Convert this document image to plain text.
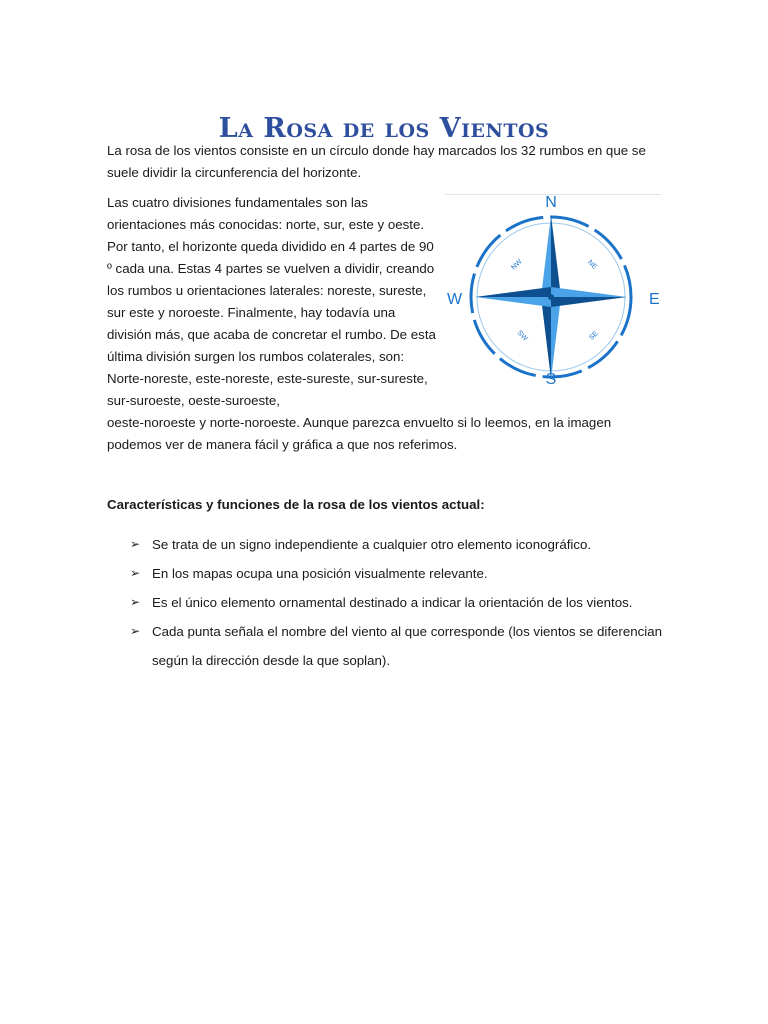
La Rosa de los Vientos

La rosa de los vientos consiste en un círculo donde hay marcados los 32 rumbos en que se suele dividir la circunferencia del horizonte.

Las cuatro divisiones fundamentales son las orientaciones más conocidas: norte, sur, este y oeste. Por tanto, el horizonte queda dividido en 4 partes de 90 º cada una. Estas 4 partes se vuelven a dividir, creando los rumbos u orientaciones laterales: noreste, sureste, sur este y noroeste. Finalmente, hay todavía una división más, que acaba de concretar el rumbo. De esta última división surgen los rumbos colaterales, son: Norte-noreste, este-noreste, este-sureste, sur-sureste, sur-suroeste, oeste-suroeste,

N
S
W	E
NW	NE
SW	SE

oeste-noroeste y norte-noroeste. Aunque parezca envuelto si lo leemos, en la imagen podemos ver de manera fácil y gráfica a que nos referimos.

Características y funciones de la rosa de los vientos actual:

➢ Se trata de un signo independiente a cualquier otro elemento iconográfico.
➢ En los mapas ocupa una posición visualmente relevante.
➢ Es el único elemento ornamental destinado a indicar la orientación de los vientos.
➢ Cada punta señala el nombre del viento al que corresponde (los vientos se diferencian según la dirección desde la que soplan).
